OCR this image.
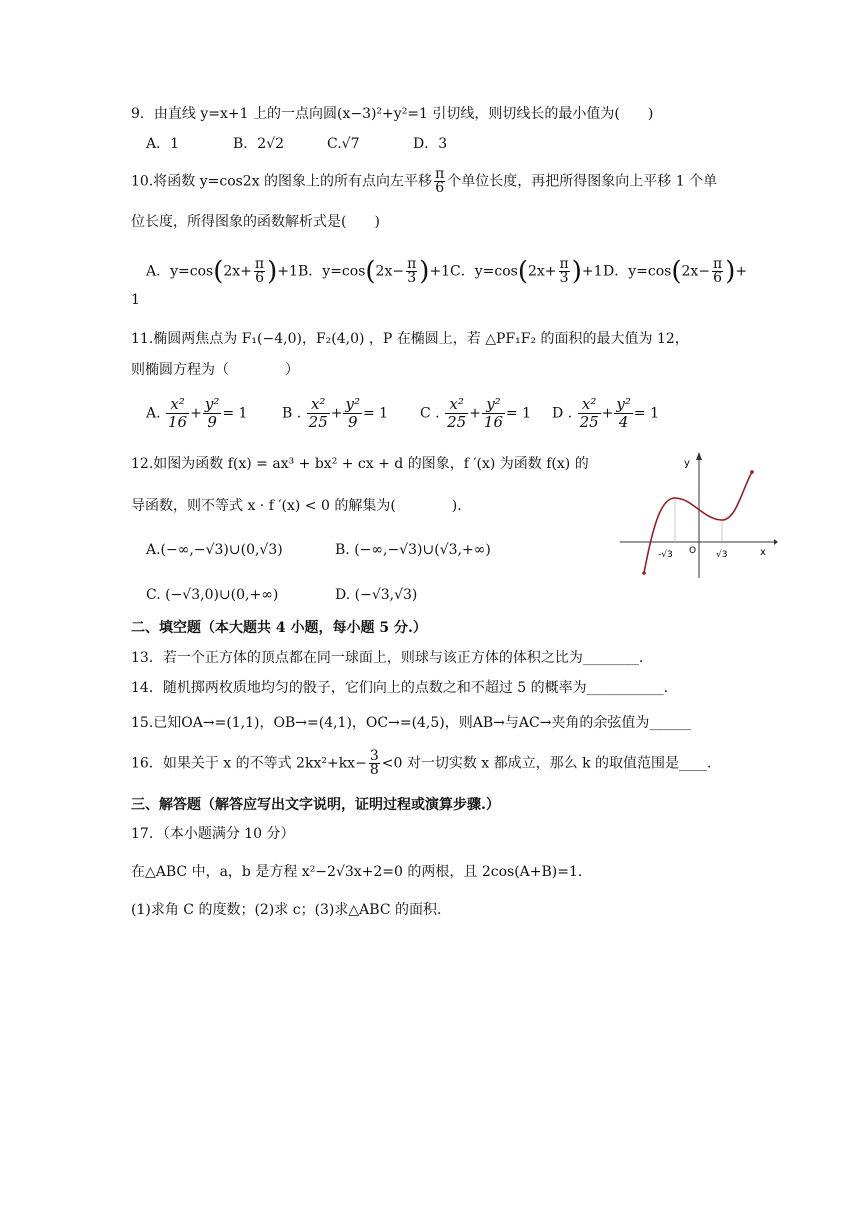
9．由直线 y=x+1 上的一点向圆(x−3)²+y²=1 引切线，则切线长的最小值为(　　)
A．1	B．2√2	C.√7	D．3
10.将函数 y=cos2x 的图象上的所有点向左平移 $\frac{\pi}{6}$ 个单位长度，再把所得图象向上平移 1 个单
位长度，所得图象的函数解析式是(　　)
A．$y=\cos(2x+ \frac{\pi}{6} )+1$ B．$y=\cos(2x- \frac{\pi}{3} )+1$ C．$y=\cos(2x+ \frac{\pi}{3} )+1$ D．$y=\cos(2x- \frac{\pi}{6}$ )+
1
11.椭圆两焦点为 F₁(−4,0)，F₂(4,0) ，P 在椭圆上，若 △PF₁F₂ 的面积的最大值为 12，
则椭圆方程为（　　　　）
A. $\frac{\text{x²}}{16} + \frac{\text{y²}}{9} = 1$ B . $\frac{\text{x²}}{25} + \frac{\text{y²}}{9} = 1$ C . $\frac{\text{x²}}{25} + \frac{\text{y²}}{16} = 1$ D . $\frac{\text{x²}}{25} + \frac{\text{y²}}{4} = 1$
12.如图为函数 f(x) = ax³ + bx² + cx + d 的图象，f ′(x) 为函数 f(x) 的
导函数，则不等式 x · f ′(x) < 0 的解集为(　　　　).
A.(−∞,−√3)∪(0,√3)	B. (−∞,−√3)∪(√3,+∞)
C. (−√3,0)∪(0,+∞)	D. (−√3,√3)
y
x
O
-√3	√3
二、填空题（本大题共 4 小题，每小题 5 分.）
13．若一个正方体的顶点都在同一球面上，则球与该正方体的体积之比为________.
14．随机掷两枚质地均匀的骰子，它们向上的点数之和不超过 5 的概率为___________.
15.已知OA→=(1,1)，OB→=(4,1)，OC→=(4,5)，则AB→与AC→夹角的余弦值为______
16．如果关于 x 的不等式 $2kx^2+kx- \frac{3}{8} <0$ 对一切实数 x 都成立，那么 k 的取值范围是____.
三、解答题（解答应写出文字说明，证明过程或演算步骤.）
17．（本小题满分 10 分）
在△ABC 中，a，b 是方程 x²−2√3x+2=0 的两根，且 2cos(A+B)=1.
(1)求角 C 的度数；(2)求 c；(3)求△ABC 的面积.
